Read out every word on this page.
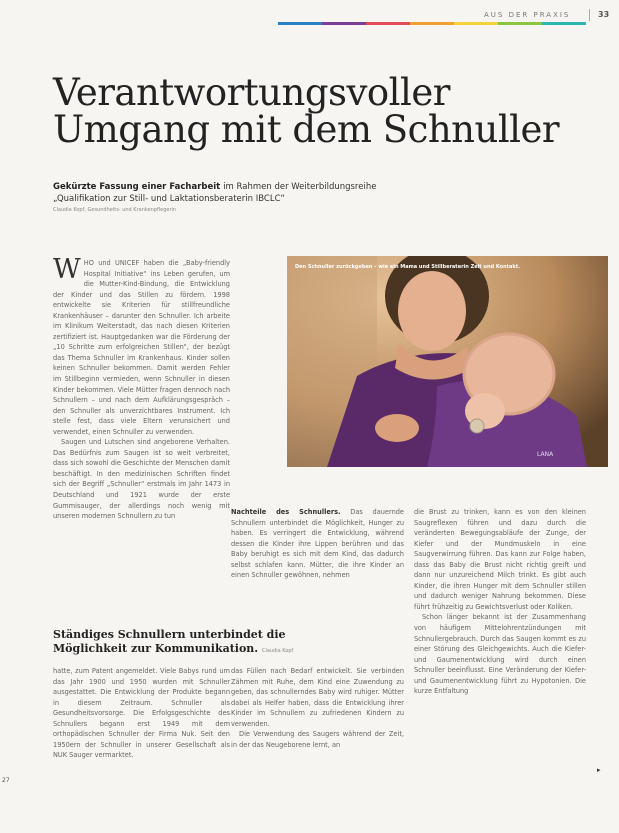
AUS DER PRAXIS	33
Verantwortungsvoller
Umgang mit dem Schnuller
Gekürzte Fassung einer Facharbeit im Rahmen der Weiterbildungsreihe
„Qualifikation zur Still- und Laktationsberaterin IBCLC“
Claudia Kopf, Gesundheits- und Krankenpflegerin

WHO und UNICEF haben die „Baby-friendly Hospital Initiative“ ins Leben gerufen, um die Mutter-Kind-Bindung, die Entwicklung der Kinder und das Stillen zu fördern. 1998 entwickelte sie Kriterien für stillfreundliche Krankenhäuser – darunter den Schnuller. Ich arbeite im Klinikum Weiterstadt, das nach diesen Kriterien zertifiziert ist. Hauptgedanken war die Förderung der „10 Schritte zum erfolgreichen Stillen“, der bezügt das Thema Schnuller im Krankenhaus. Kinder sollen keinen Schnuller bekommen. Damit werden Fehler im Stillbeginn vermieden, wenn Schnuller in diesen Kinder bekommen. Viele Mütter fragen dennoch nach Schnullern – und nach dem Aufklärungsgespräch – den Schnuller als unverzichtbares Instrument. Ich stelle fest, dass viele Eltern verunsichert und verwendet, einen Schnuller zu verwenden.

Saugen und Lutschen sind angeborene Verhalten. Das Bedürfnis zum Saugen ist so weit verbreitet, dass sich sowohl die Geschichte der Menschen damit beschäftigt. In den medizinischen Schriften findet sich der Begriff „Schnuller“ erstmals im Jahr 1473 in Deutschland und 1921 wurde der erste Gummisauger, der allerdings noch wenig mit unseren modernen Schnullern zu tun

LANA
Den Schnuller zurückgeben – wie ein Mama und Stillberaterin Zeit und Kontakt.

Nachteile des Schnullers. Das dauernde Schnullern unterbindet die Möglichkeit, Hunger zu haben. Es verringert die Entwicklung, während dessen die Kinder ihre Lippen berühren und das Baby beruhigt es sich mit dem Kind, das dadurch selbst schlafen kann. Mütter, die ihre Kinder an einen Schnuller gewöhnen, nehmen

die Brust zu trinken, kann es von den kleinen Saugreflexen führen und dazu durch die veränderten Bewegungsabläufe der Zunge, der Kiefer und der Mundmuskeln in eine Saugverwirrung führen. Das kann zur Folge haben, dass das Baby die Brust nicht richtig greift und dann nur unzureichend Milch trinkt. Es gibt auch Kinder, die ihren Hunger mit dem Schnuller stillen und dadurch weniger Nahrung bekommen. Diese führt frühzeitig zu Gewichtsverlust oder Koliken.

Schon länger bekannt ist der Zusammenhang von häufigem Mittelohrentzündungen mit Schnullergebrauch. Durch das Saugen kommt es zu einer Störung des Gleichgewichts. Auch die Kiefer- und Gaumenentwicklung wird durch einen Schnuller beeinflusst. Eine Veränderung der Kiefer- und Gaumenentwicklung führt zu Hypotonien. Die kurze Entfaltung

Ständiges Schnullern unterbindet die
Möglichkeit zur Kommunikation. Claudia Kopf

hatte, zum Patent angemeldet. Viele Babys rund um das Jahr 1900 und 1950 wurden mit Schnuller ausgestattet. Die Entwicklung der Produkte begann in diesem Zeitraum. Schnuller als Gesundheitsvorsorge. Die Erfolgsgeschichte des Schnullers begann erst 1949 mit dem orthopädischen Schnuller der Firma Nuk. Seit den 1950ern der Schnuller in unserer Gesellschaft als NUK Sauger vermarktet.

das Füllen nach Bedarf entwickelt. Sie verbinden Zähmen mit Ruhe, dem Kind eine Zuwendung zu geben, das schnullerndes Baby wird ruhiger. Mütter dabei als Helfer haben, dass die Entwicklung ihrer Kinder im Schnullern zu zufriedenen Kindern zu verwenden.

Die Verwendung des Saugers während der Zeit, in der das Neugeborene lernt, an

▸
27
